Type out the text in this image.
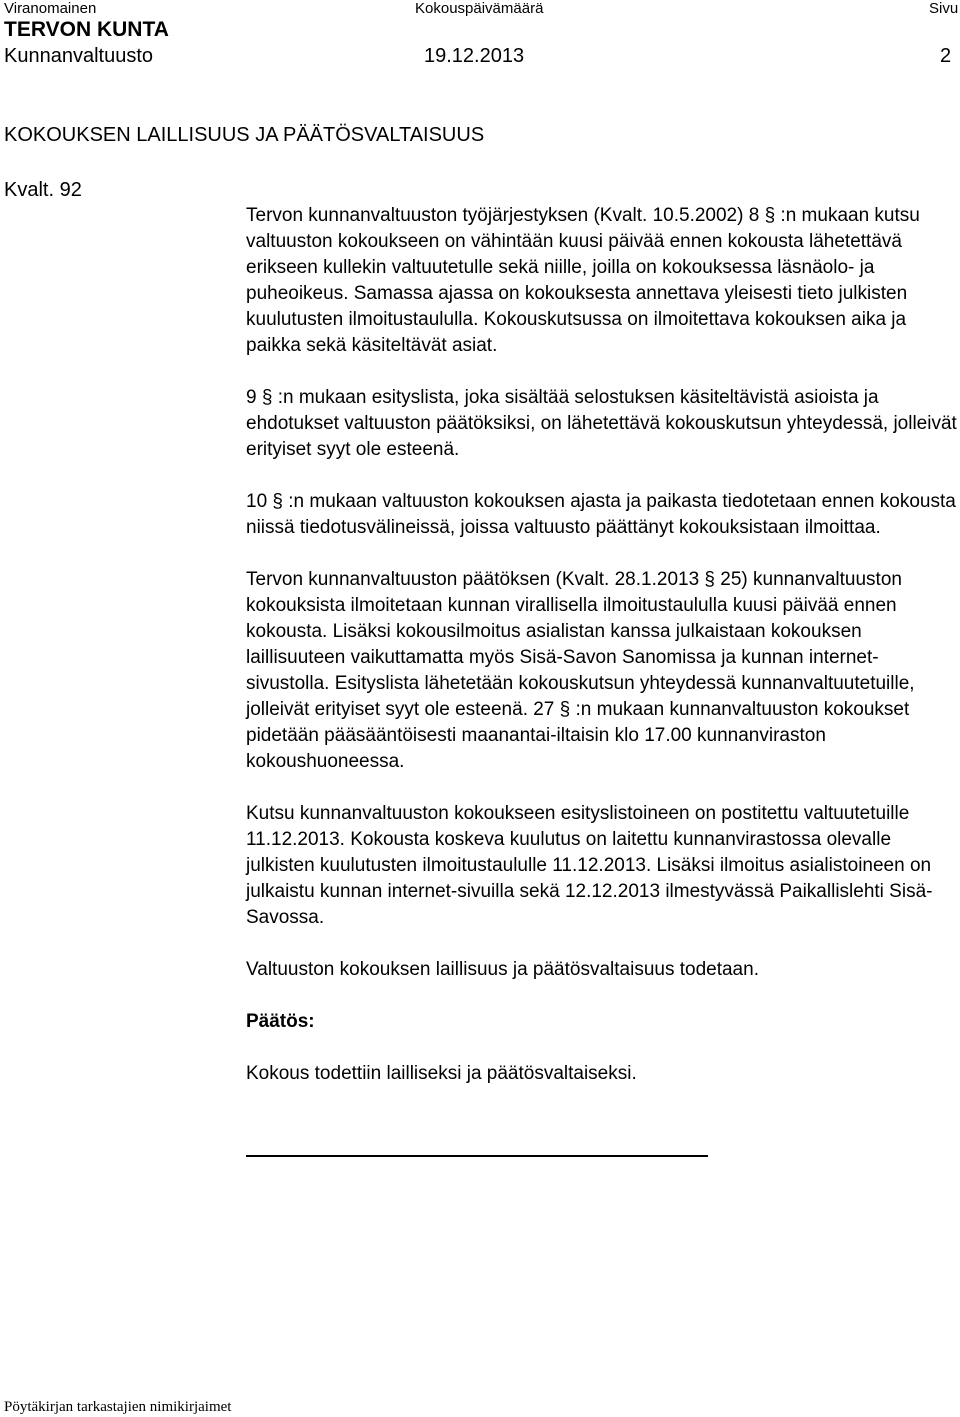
Viranomainen	Kokouspäivämäärä	Sivu
TERVON KUNTA
Kunnanvaltuusto	19.12.2013	2
KOKOUKSEN LAILLISUUS JA PÄÄTÖSVALTAISUUS
Kvalt. 92

Tervon kunnanvaltuuston työjärjestyksen (Kvalt. 10.5.2002) 8 § :n mukaan kutsu valtuuston kokoukseen on vähintään kuusi päivää ennen kokousta lähetettävä erikseen kullekin valtuutetulle sekä niille, joilla on kokouksessa läsnäolo- ja puheoikeus. Samassa ajassa on kokouksesta annettava yleisesti tieto julkisten kuulutusten ilmoitustaululla. Kokouskutsussa on ilmoitettava kokouksen aika ja paikka sekä käsiteltävät asiat.

9 § :n mukaan esityslista, joka sisältää selostuksen käsiteltävistä asioista ja ehdotukset valtuuston päätöksiksi, on lähetettävä kokouskutsun yhteydessä, jolleivät erityiset syyt ole esteenä.

10 § :n mukaan valtuuston kokouksen ajasta ja paikasta tiedotetaan ennen kokousta niissä tiedotusvälineissä, joissa valtuusto päättänyt kokouksistaan ilmoittaa.

Tervon kunnanvaltuuston päätöksen (Kvalt. 28.1.2013 § 25) kunnanvaltuuston kokouksista ilmoitetaan kunnan virallisella ilmoitustaululla kuusi päivää ennen kokousta. Lisäksi kokousilmoitus asialistan kanssa julkaistaan kokouksen laillisuuteen vaikuttamatta myös Sisä-Savon Sanomissa ja kunnan internet-sivustolla. Esityslista lähetetään kokouskutsun yhteydessä kunnanvaltuutetuille, jolleivät erityiset syyt ole esteenä. 27 § :n mukaan kunnanvaltuuston kokoukset pidetään pääsääntöisesti maanantai-iltaisin klo 17.00 kunnanviraston kokoushuoneessa.

Kutsu kunnanvaltuuston kokoukseen esityslistoineen on postitettu valtuutetuille 11.12.2013. Kokousta koskeva kuulutus on laitettu kunnanvirastossa olevalle julkisten kuulutusten ilmoitustaululle 11.12.2013. Lisäksi ilmoitus asialistoineen on julkaistu kunnan internet-sivuilla sekä 12.12.2013 ilmestyvässä Paikallislehti Sisä-Savossa.

Valtuuston kokouksen laillisuus ja päätösvaltaisuus todetaan.

Päätös:

Kokous todettiin lailliseksi ja päätösvaltaiseksi.

Pöytäkirjan tarkastajien nimikirjaimet
